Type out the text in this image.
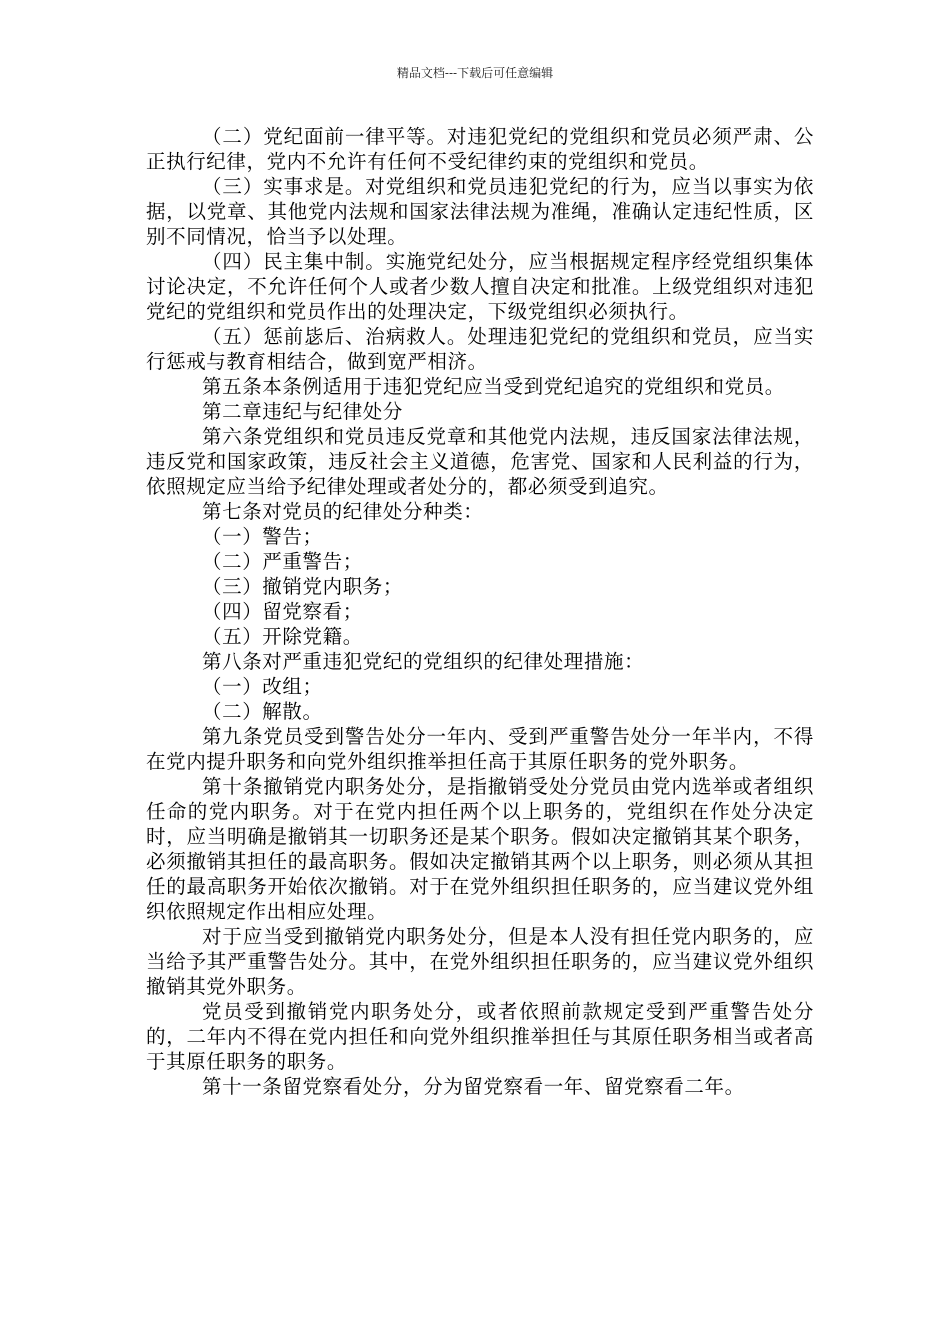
精品文档---下载后可任意编辑

（二）党纪面前一律平等。对违犯党纪的党组织和党员必须严肃、公正执行纪律，党内不允许有任何不受纪律约束的党组织和党员。

（三）实事求是。对党组织和党员违犯党纪的行为，应当以事实为依据，以党章、其他党内法规和国家法律法规为准绳，准确认定违纪性质，区别不同情况，恰当予以处理。

（四）民主集中制。实施党纪处分，应当根据规定程序经党组织集体讨论决定，不允许任何个人或者少数人擅自决定和批准。上级党组织对违犯党纪的党组织和党员作出的处理决定，下级党组织必须执行。

（五）惩前毖后、治病救人。处理违犯党纪的党组织和党员，应当实行惩戒与教育相结合，做到宽严相济。

第五条本条例适用于违犯党纪应当受到党纪追究的党组织和党员。

第二章违纪与纪律处分

第六条党组织和党员违反党章和其他党内法规，违反国家法律法规，违反党和国家政策，违反社会主义道德，危害党、国家和人民利益的行为，依照规定应当给予纪律处理或者处分的，都必须受到追究。

第七条对党员的纪律处分种类：

（一）警告；

（二）严重警告；

（三）撤销党内职务；

（四）留党察看；

（五）开除党籍。

第八条对严重违犯党纪的党组织的纪律处理措施：

（一）改组；

（二）解散。

第九条党员受到警告处分一年内、受到严重警告处分一年半内，不得在党内提升职务和向党外组织推举担任高于其原任职务的党外职务。

第十条撤销党内职务处分，是指撤销受处分党员由党内选举或者组织任命的党内职务。对于在党内担任两个以上职务的，党组织在作处分决定时，应当明确是撤销其一切职务还是某个职务。假如决定撤销其某个职务，必须撤销其担任的最高职务。假如决定撤销其两个以上职务，则必须从其担任的最高职务开始依次撤销。对于在党外组织担任职务的，应当建议党外组织依照规定作出相应处理。

对于应当受到撤销党内职务处分，但是本人没有担任党内职务的，应当给予其严重警告处分。其中，在党外组织担任职务的，应当建议党外组织撤销其党外职务。

党员受到撤销党内职务处分，或者依照前款规定受到严重警告处分的，二年内不得在党内担任和向党外组织推举担任与其原任职务相当或者高于其原任职务的职务。

第十一条留党察看处分，分为留党察看一年、留党察看二年。
